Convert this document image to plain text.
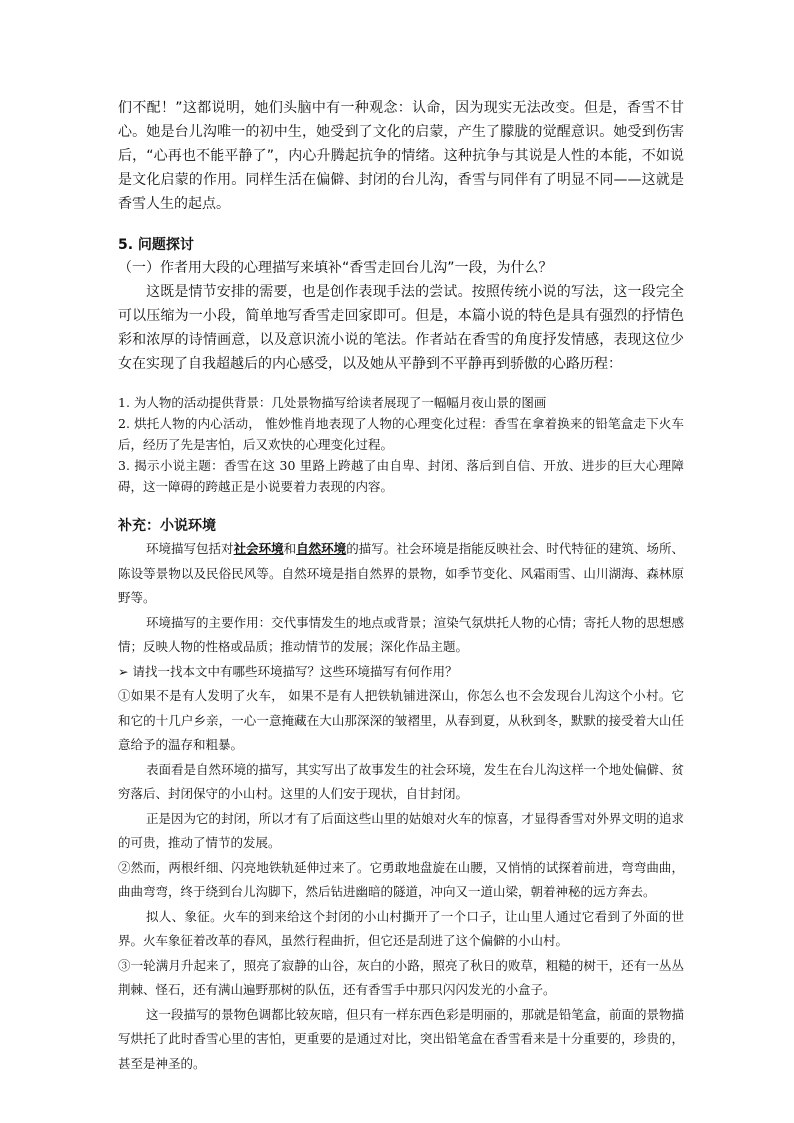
们不配！”这都说明，她们头脑中有一种观念：认命，因为现实无法改变。但是，香雪不甘心。她是台儿沟唯一的初中生，她受到了文化的启蒙，产生了朦胧的觉醒意识。她受到伤害后，“心再也不能平静了”，内心升腾起抗争的情绪。这种抗争与其说是人性的本能，不如说是文化启蒙的作用。同样生活在偏僻、封闭的台儿沟，香雪与同伴有了明显不同——这就是香雪人生的起点。

5. 问题探讨

（一）作者用大段的心理描写来填补“香雪走回台儿沟”一段，为什么？

这既是情节安排的需要，也是创作表现手法的尝试。按照传统小说的写法，这一段完全可以压缩为一小段，简单地写香雪走回家即可。但是，本篇小说的特色是具有强烈的抒情色彩和浓厚的诗情画意，以及意识流小说的笔法。作者站在香雪的角度抒发情感，表现这位少女在实现了自我超越后的内心感受，以及她从平静到不平静再到骄傲的心路历程：

1. 为人物的活动提供背景：几处景物描写给读者展现了一幅幅月夜山景的图画

2. 烘托人物的内心活动， 惟妙惟肖地表现了人物的心理变化过程：香雪在拿着换来的铅笔盒走下火车后，经历了先是害怕，后又欢快的心理变化过程。

3. 揭示小说主题：香雪在这 30 里路上跨越了由自卑、封闭、落后到自信、开放、进步的巨大心理障碍，这一障碍的跨越正是小说要着力表现的内容。

补充：小说环境

环境描写包括对社会环境和自然环境的描写。社会环境是指能反映社会、时代特征的建筑、场所、陈设等景物以及民俗民风等。自然环境是指自然界的景物，如季节变化、风霜雨雪、山川湖海、森林原野等。

环境描写的主要作用：交代事情发生的地点或背景；渲染气氛烘托人物的心情；寄托人物的思想感情；反映人物的性格或品质；推动情节的发展；深化作品主题。

➢ 请找一找本文中有哪些环境描写？这些环境描写有何作用？

①如果不是有人发明了火车， 如果不是有人把铁轨铺进深山，你怎么也不会发现台儿沟这个小村。它和它的十几户乡亲，一心一意掩藏在大山那深深的皱褶里，从春到夏，从秋到冬，默默的接受着大山任意给予的温存和粗暴。

表面看是自然环境的描写，其实写出了故事发生的社会环境，发生在台儿沟这样一个地处偏僻、贫穷落后、封闭保守的小山村。这里的人们安于现状，自甘封闭。

正是因为它的封闭，所以才有了后面这些山里的姑娘对火车的惊喜，才显得香雪对外界文明的追求的可贵，推动了情节的发展。

②然而，两根纤细、闪亮地铁轨延伸过来了。它勇敢地盘旋在山腰，又悄悄的试探着前进，弯弯曲曲，曲曲弯弯，终于绕到台儿沟脚下，然后钻进幽暗的隧道，冲向又一道山梁，朝着神秘的远方奔去。

拟人、象征。火车的到来给这个封闭的小山村撕开了一个口子，让山里人通过它看到了外面的世界。火车象征着改革的春风，虽然行程曲折，但它还是刮进了这个偏僻的小山村。

③一轮满月升起来了，照亮了寂静的山谷，灰白的小路，照亮了秋日的败草，粗糙的树干，还有一丛丛荆棘、怪石，还有满山遍野那树的队伍，还有香雪手中那只闪闪发光的小盒子。

这一段描写的景物色调都比较灰暗，但只有一样东西色彩是明丽的，那就是铅笔盒，前面的景物描写烘托了此时香雪心里的害怕，更重要的是通过对比，突出铅笔盒在香雪看来是十分重要的，珍贵的，甚至是神圣的。
